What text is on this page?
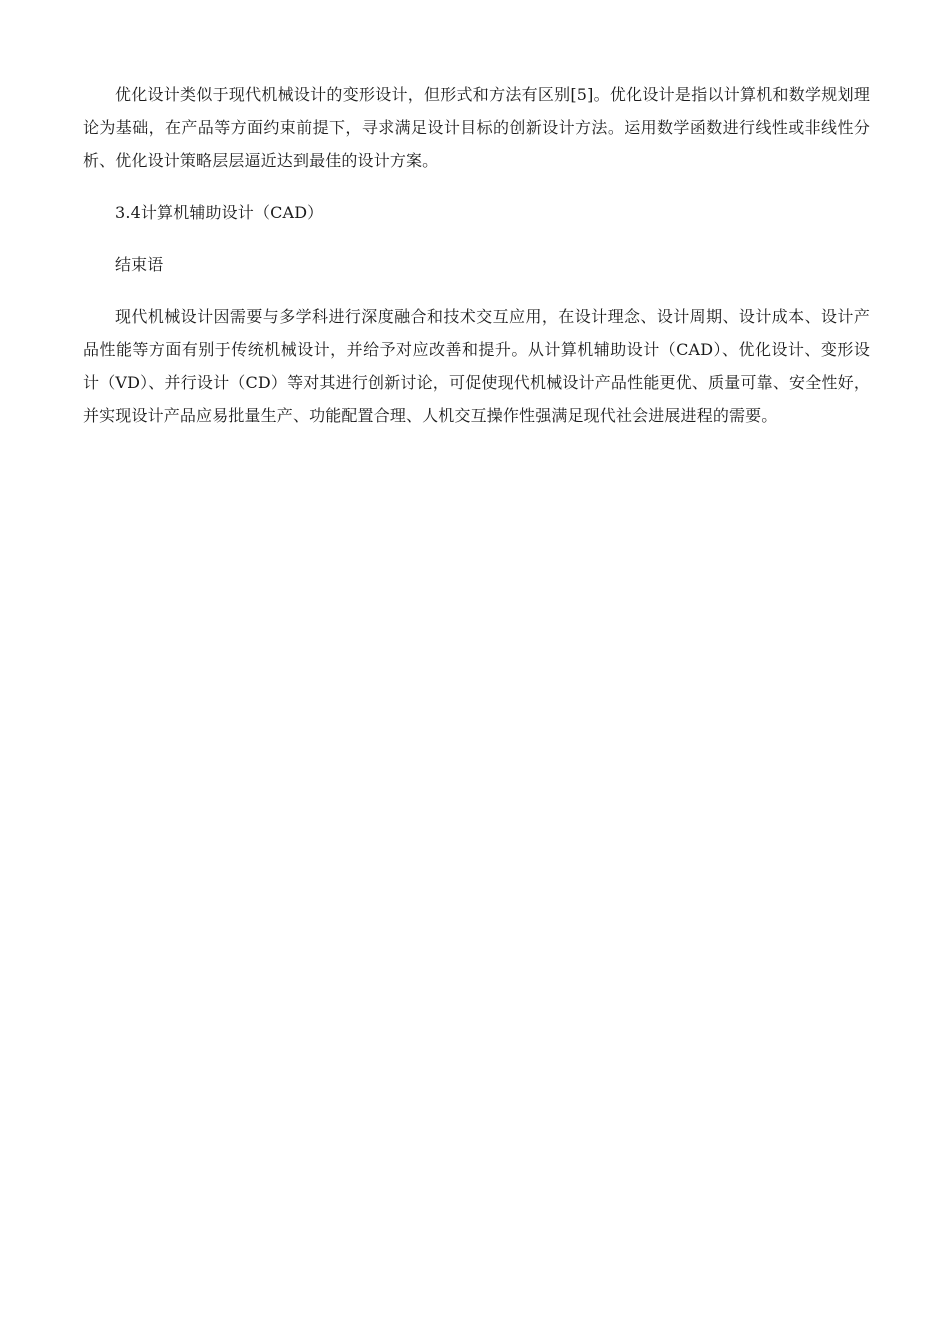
优化设计类似于现代机械设计的变形设计，但形式和方法有区别[5]。优化设计是指以计算机和数学规划理论为基础，在产品等方面约束前提下，寻求满足设计目标的创新设计方法。运用数学函数进行线性或非线性分析、优化设计策略层层逼近达到最佳的设计方案。

3.4计算机辅助设计（CAD）

结束语

现代机械设计因需要与多学科进行深度融合和技术交互应用，在设计理念、设计周期、设计成本、设计产品性能等方面有别于传统机械设计，并给予对应改善和提升。从计算机辅助设计（CAD）、优化设计、变形设计（VD）、并行设计（CD）等对其进行创新讨论，可促使现代机械设计产品性能更优、质量可靠、安全性好，并实现设计产品应易批量生产、功能配置合理、人机交互操作性强满足现代社会进展进程的需要。
